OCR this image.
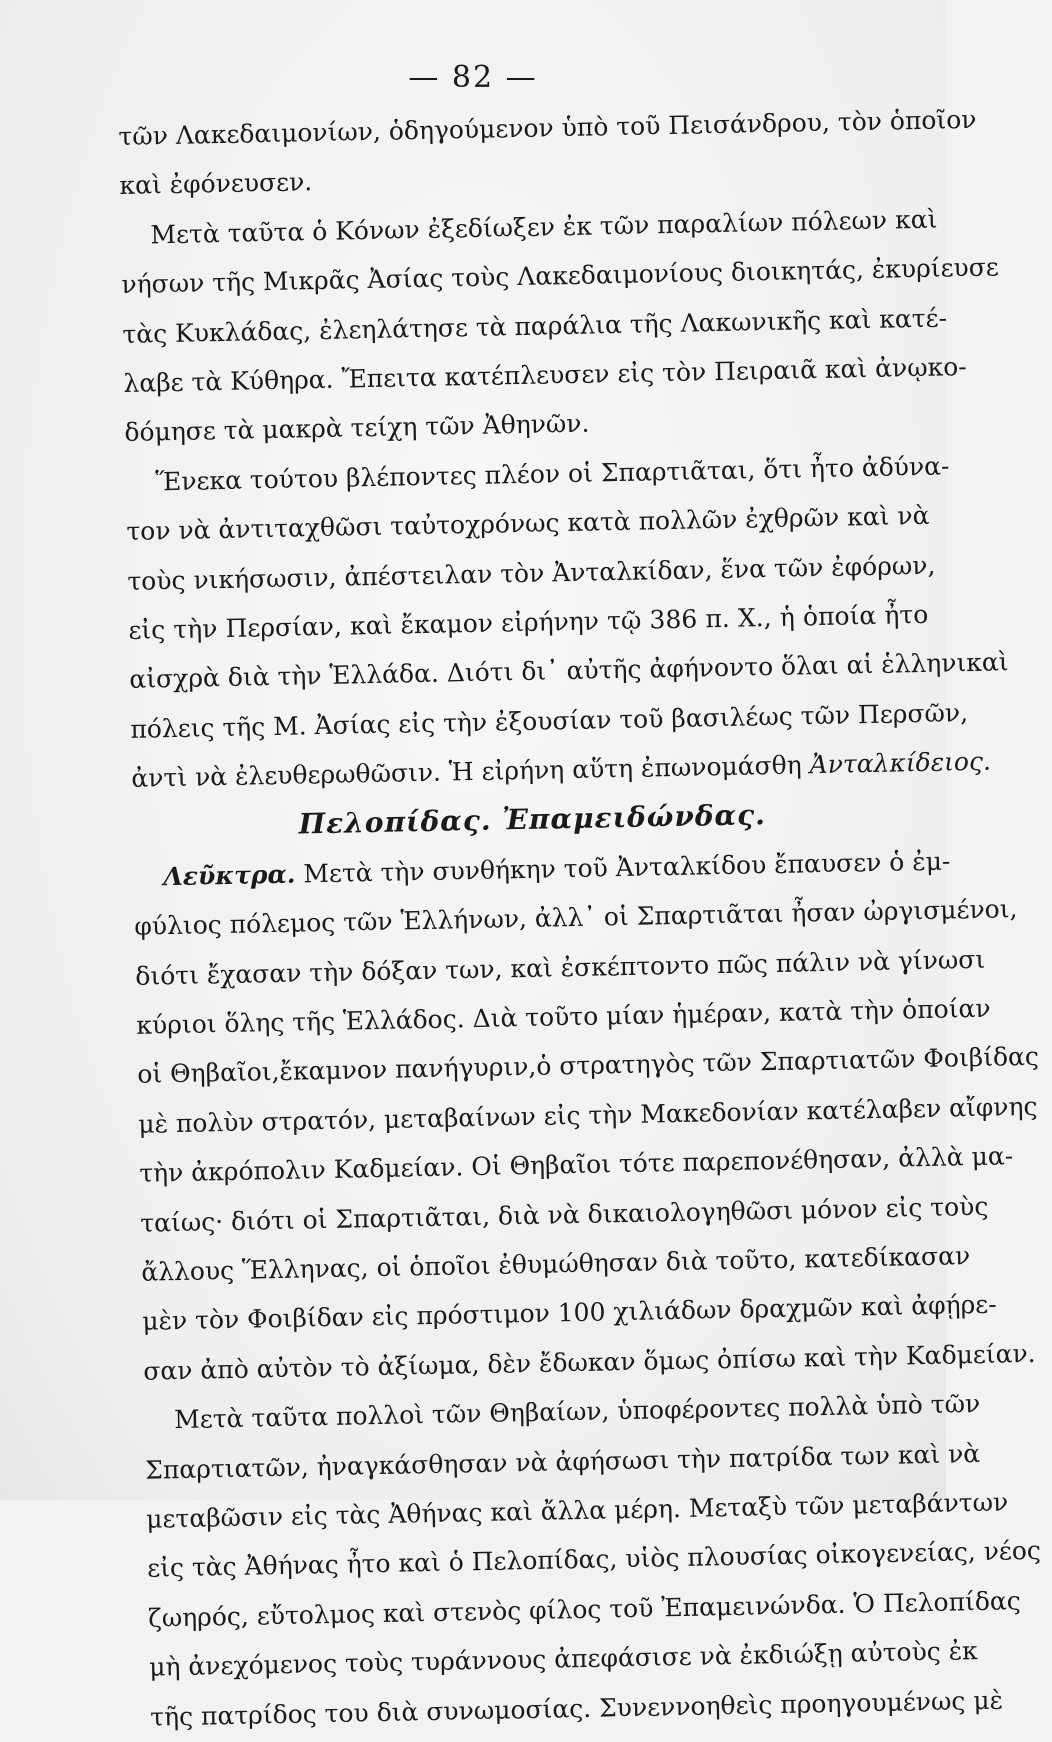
— 82 —
τῶν Λακεδαιμονίων, ὁδηγούμενον ὑπὸ τοῦ Πεισάνδρου, τὸν ὁποῖον
καὶ ἐφόνευσεν.
Μετὰ ταῦτα ὁ Κόνων ἐξεδίωξεν ἐκ τῶν παραλίων πόλεων καὶ
νήσων τῆς Μικρᾶς Ἀσίας τοὺς Λακεδαιμονίους διοικητάς, ἐκυρίευσε
τὰς Κυκλάδας, ἐλεηλάτησε τὰ παράλια τῆς Λακωνικῆς καὶ κατέ-
λαβε τὰ Κύθηρα. Ἔπειτα κατέπλευσεν εἰς τὸν Πειραιᾶ καὶ ἀνῳκο-
δόμησε τὰ μακρὰ τείχη τῶν Ἀθηνῶν.
Ἕνεκα τούτου βλέποντες πλέον οἱ Σπαρτιᾶται, ὅτι ἦτο ἀδύνα-
τον νὰ ἀντιταχθῶσι ταὐτοχρόνως κατὰ πολλῶν ἐχθρῶν καὶ νὰ
τοὺς νικήσωσιν, ἀπέστειλαν τὸν Ἀνταλκίδαν, ἕνα τῶν ἐφόρων,
εἰς τὴν Περσίαν, καὶ ἔκαμον εἰρήνην τῷ 386 π. Χ., ἡ ὁποία ἦτο
αἰσχρὰ διὰ τὴν Ἑλλάδα. Διότι δι᾽ αὐτῆς ἀφήνοντο ὅλαι αἱ ἑλληνικαὶ
πόλεις τῆς Μ. Ἀσίας εἰς τὴν ἐξουσίαν τοῦ βασιλέως τῶν Περσῶν,
ἀντὶ νὰ ἐλευθερωθῶσιν. Ἡ εἰρήνη αὕτη ἐπωνομάσθη Ἀνταλκίδειος.
Πελοπίδας. Ἐπαμειδώνδας.
Λεῦκτρα. Μετὰ τὴν συνθήκην τοῦ Ἀνταλκίδου ἔπαυσεν ὁ ἐμ-
φύλιος πόλεμος τῶν Ἑλλήνων, ἀλλ᾽ οἱ Σπαρτιᾶται ἦσαν ὠργισμένοι,
διότι ἔχασαν τὴν δόξαν των, καὶ ἐσκέπτοντο πῶς πάλιν νὰ γίνωσι
κύριοι ὅλης τῆς Ἑλλάδος. Διὰ τοῦτο μίαν ἡμέραν, κατὰ τὴν ὁποίαν
οἱ Θηβαῖοι,ἔκαμνον πανήγυριν,ὁ στρατηγὸς τῶν Σπαρτιατῶν Φοιβίδας
μὲ πολὺν στρατόν, μεταβαίνων εἰς τὴν Μακεδονίαν κατέλαβεν αἴφνης
τὴν ἀκρόπολιν Καδμείαν. Οἱ Θηβαῖοι τότε παρεπονέθησαν, ἀλλὰ μα-
ταίως· διότι οἱ Σπαρτιᾶται, διὰ νὰ δικαιολογηθῶσι μόνον εἰς τοὺς
ἄλλους Ἕλληνας, οἱ ὁποῖοι ἐθυμώθησαν διὰ τοῦτο, κατεδίκασαν
μὲν τὸν Φοιβίδαν εἰς πρόστιμον 100 χιλιάδων δραχμῶν καὶ ἀφῄρε-
σαν ἀπὸ αὐτὸν τὸ ἀξίωμα, δὲν ἔδωκαν ὅμως ὀπίσω καὶ τὴν Καδμείαν.
Μετὰ ταῦτα πολλοὶ τῶν Θηβαίων, ὑποφέροντες πολλὰ ὑπὸ τῶν
Σπαρτιατῶν, ἠναγκάσθησαν νὰ ἀφήσωσι τὴν πατρίδα των καὶ νὰ
μεταβῶσιν εἰς τὰς Ἀθήνας καὶ ἄλλα μέρη. Μεταξὺ τῶν μεταβάντων
εἰς τὰς Ἀθήνας ἦτο καὶ ὁ Πελοπίδας, υἱὸς πλουσίας οἰκογενείας, νέος
ζωηρός, εὔτολμος καὶ στενὸς φίλος τοῦ Ἐπαμεινώνδα. Ὁ Πελοπίδας
μὴ ἀνεχόμενος τοὺς τυράννους ἀπεφάσισε νὰ ἐκδιώξῃ αὐτοὺς ἐκ
τῆς πατρίδος του διὰ συνωμοσίας. Συνεννοηθεὶς προηγουμένως μὲ
